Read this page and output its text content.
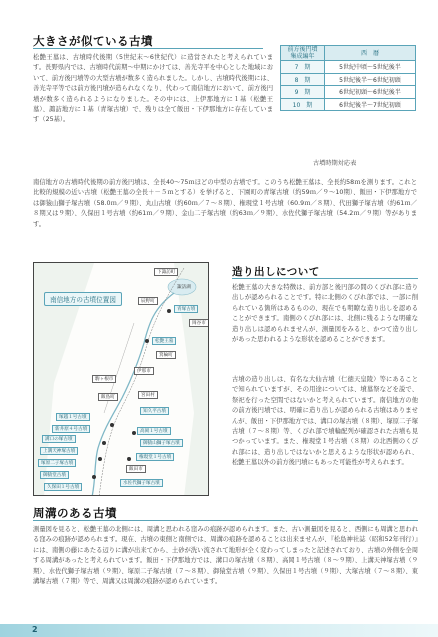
大きさが似ている古墳
松艶王墓は、古墳時代後期（5世紀末～6世紀代）に造営されたと考えられています。長野県内では、古墳時代前期～中期にかけては、善光寺平を中心とした地域において、前方後円墳等の大型古墳が数多く造られました。しかし、古墳時代後期には、善光寺平等では前方後円墳が造られなくなり、代わって南信地方において、前方後円墳が数多く造られるようになりました。その中には、上伊那地方に１基（松艶王墓）、諏訪地方に１基（青塚古墳）で、残りは全て飯田・下伊那地方に存在しています（25基）。
前方後円墳
集成編年	西　暦
7　期	5世紀中頃～5世紀後半
8　期	5世紀後半～6世紀初頭
9　期	6世紀初頭～6世紀後半
10　期	6世紀後半～7世紀初頭
古墳時期対応表
南信地方の古墳時代後期の前方後円墳は、全長40～75ｍほどの中型の古墳です。このうち松艶王墓は、全長約58ｍを測ります。これと比較的規模の近い古墳（松艶王墓の全長＋－５ｍとする）を挙げると、下園町の青塚古墳（約59ｍ／９～10期）、飯田・下伊那地方では御猿山獅子塚古墳（58.0ｍ／９期）、丸山古墳（約60ｍ／７～８期）、権現堂１号古墳（60.9ｍ／８期）、代田獅子塚古墳（約61ｍ／８期又は９期）、久保田１号古墳（約61ｍ／９期）、金山二子塚古墳（約63ｍ／９期）、水佐代獅子塚古墳（54.2ｍ／９期）等があります。
南信地方の古墳位置図
下諏訪町
諏訪湖
青塚古墳
辰野町
岡谷市
松艶王墓
箕輪町
伊那市
駒ヶ根市
飯島町	宮田村
知久平古墳
塚越１号古墳
新井原４号古墳
溝口の塚古墳
高岡１号古墳
上溝天神塚古墳
御猿山獅子塚古墳
塚原二子塚古墳
権現堂１号古墳
御猿堂古墳
飯田市
久保田１号古墳
水佐代獅子塚古墳
造り出しについて
松艶王墓の大きな特徴は、前方部と後円部の間のくびれ部に造り出しが認められることです。特に北側のくびれ部では、一部に削られている箇所はあるものの、現在でも明瞭な造り出しを認めることができます。南側のくびれ部には、北側に残るような明確な造り出しは認められませんが、測量図をみると、かつて造り出しがあった思われるような形状を認めることができます。
古墳の造り出しは、有名な大仙古墳（仁徳天皇陵）等にあることで知られていますが、その用途については、墳墓祭などを説で、祭祀を行った空間ではないかと考えられています。南信地方の他の前方後円墳では、明確に造り出しが認められる古墳はありませんが、飯田・下伊那地方では、溝口の塚古墳（８期）、塚原二子塚古墳（７～８期）等、くびれ部で墳輪配列が確認された古墳も見つかっています。また、権現堂１号古墳（８期）の北西側のくびれ部には、造り出しではないかと思えるような形状が認められ、松艶王墓以外の前方後円墳にもあった可能性が考えられます。
周溝のある古墳
測量図を見ると、松艶王墓の北側には、周溝と思われる窪みの痕跡が認められます。また、古い測量図を見ると、西側にも周溝と思われる窪みの痕跡が認められます。現在、古墳の東側と南側では、周溝の痕跡を認めることは出来ませんが、『松島神社誌（昭和52年刊行）』には、南側の藤にあたる辺りに溝が出来てから、土砂が洗い流されて地形が全く変わってしまったと記述されており、古墳の外側を全周する周溝があったと考えられています。飯田・下伊那地方では、溝口の塚古墳（８期）、高岡１号古墳（８～９期）、上溝天神塚古墳（９期）、水佐代獅子塚古墳（９期）、塚原二子塚古墳（７～８期）、御猿堂古墳（９期）、久保田１号古墳（９期）、大塚古墳（７～８期）、東溝塚古墳（７期）等で、周溝又は周溝の痕跡が認められています。
2
